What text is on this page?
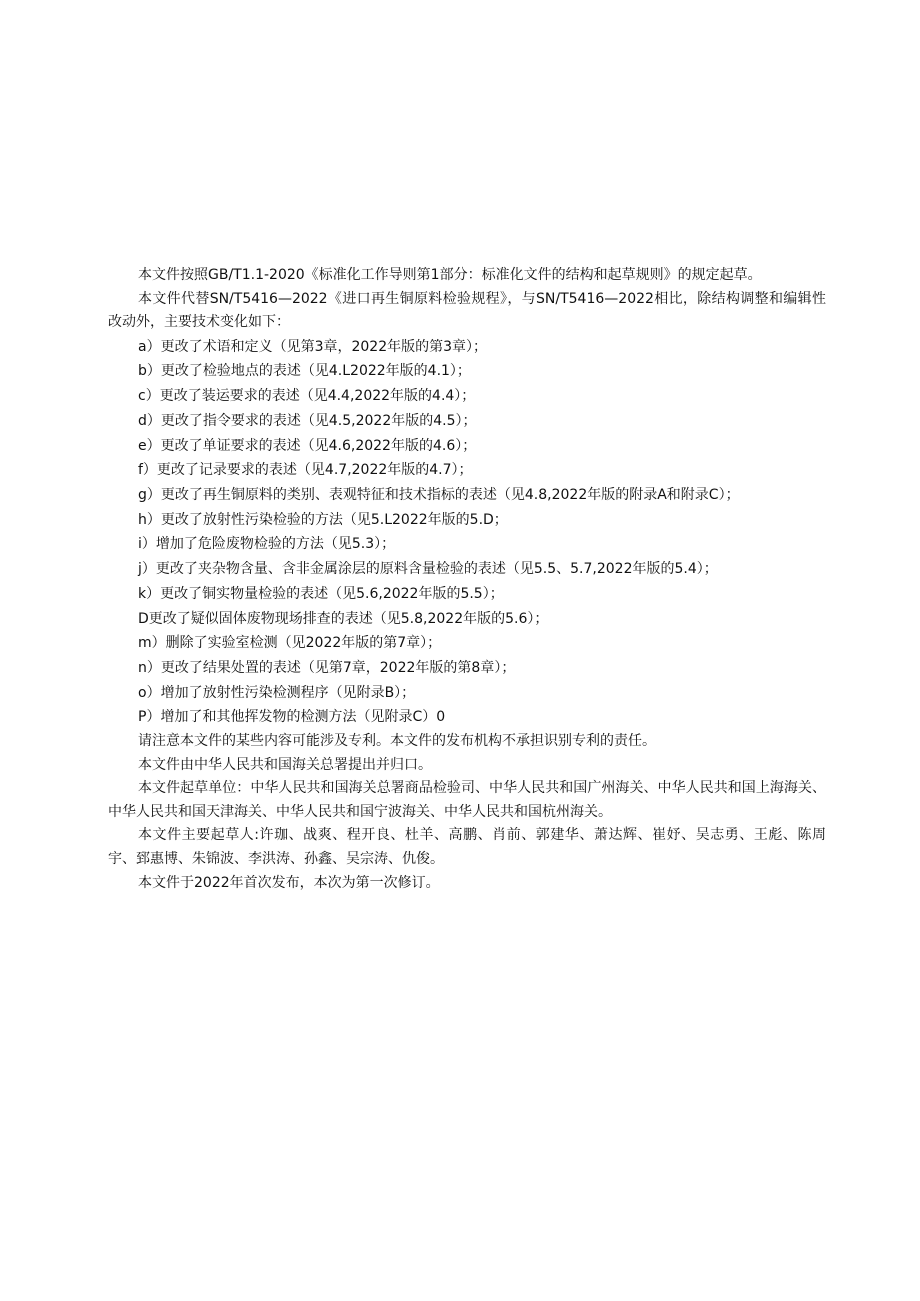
本文件按照GB/T1.1-2020《标准化工作导则第1部分：标准化文件的结构和起草规则》的规定起草。

本文件代替SN/T5416—2022《进口再生铜原料检验规程》，与SN/T5416—2022相比，除结构调整和编辑性改动外，主要技术变化如下：

a）更改了术语和定义（见第3章，2022年版的第3章）；
b）更改了检验地点的表述（见4.L2022年版的4.1）；
c）更改了装运要求的表述（见4.4,2022年版的4.4）；
d）更改了指令要求的表述（见4.5,2022年版的4.5）；
e）更改了单证要求的表述（见4.6,2022年版的4.6）；
f）更改了记录要求的表述（见4.7,2022年版的4.7）；
g）更改了再生铜原料的类别、表观特征和技术指标的表述（见4.8,2022年版的附录A和附录C）；
h）更改了放射性污染检验的方法（见5.L2022年版的5.D；
i）增加了危险废物检验的方法（见5.3）；
j）更改了夹杂物含量、含非金属涂层的原料含量检验的表述（见5.5、5.7,2022年版的5.4）；
k）更改了铜实物量检验的表述（见5.6,2022年版的5.5）；
D更改了疑似固体废物现场排查的表述（见5.8,2022年版的5.6）；
m）删除了实验室检测（见2022年版的第7章）；
n）更改了结果处置的表述（见第7章，2022年版的第8章）；
o）增加了放射性污染检测程序（见附录B）；
P）增加了和其他挥发物的检测方法（见附录C）0

请注意本文件的某些内容可能涉及专利。本文件的发布机构不承担识别专利的责任。

本文件由中华人民共和国海关总署提出并归口。

本文件起草单位：中华人民共和国海关总署商品检验司、中华人民共和国广州海关、中华人民共和国上海海关、中华人民共和国天津海关、中华人民共和国宁波海关、中华人民共和国杭州海关。

本文件主要起草人:许珈、战爽、程开良、杜羊、高鹏、肖前、郭建华、萧达辉、崔妤、吴志勇、王彪、陈周宇、郅惠博、朱锦波、李洪涛、孙鑫、吴宗涛、仇俊。

本文件于2022年首次发布，本次为第一次修订。
